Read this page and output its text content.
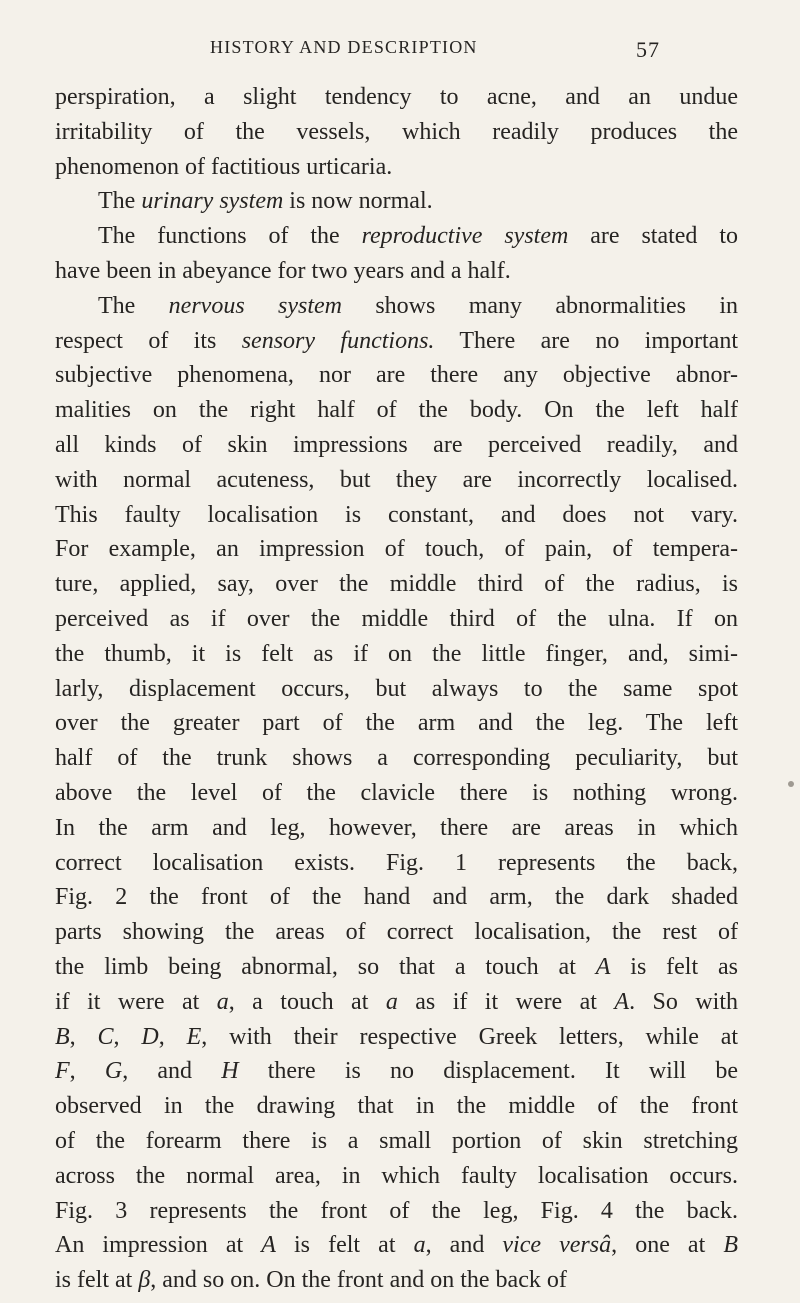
HISTORY AND DESCRIPTION	57
perspiration, a slight tendency to acne, and an undue
irritability of the vessels, which readily produces the
phenomenon of factitious urticaria.
The urinary system is now normal.
The functions of the reproductive system are stated to
have been in abeyance for two years and a half.
The nervous system shows many abnormalities in
respect of its sensory functions. There are no important
subjective phenomena, nor are there any objective abnor-
malities on the right half of the body. On the left half
all kinds of skin impressions are perceived readily, and
with normal acuteness, but they are incorrectly localised.
This faulty localisation is constant, and does not vary.
For example, an impression of touch, of pain, of tempera-
ture, applied, say, over the middle third of the radius, is
perceived as if over the middle third of the ulna. If on
the thumb, it is felt as if on the little finger, and, simi-
larly, displacement occurs, but always to the same spot
over the greater part of the arm and the leg. The left
half of the trunk shows a corresponding peculiarity, but
above the level of the clavicle there is nothing wrong.
In the arm and leg, however, there are areas in which
correct localisation exists. Fig. 1 represents the back,
Fig. 2 the front of the hand and arm, the dark shaded
parts showing the areas of correct localisation, the rest of
the limb being abnormal, so that a touch at A is felt as
if it were at a, a touch at a as if it were at A. So with
B, C, D, E, with their respective Greek letters, while at
F, G, and H there is no displacement. It will be
observed in the drawing that in the middle of the front
of the forearm there is a small portion of skin stretching
across the normal area, in which faulty localisation occurs.
Fig. 3 represents the front of the leg, Fig. 4 the back.
An impression at A is felt at a, and vice versâ, one at B
is felt at β, and so on. On the front and on the back of
